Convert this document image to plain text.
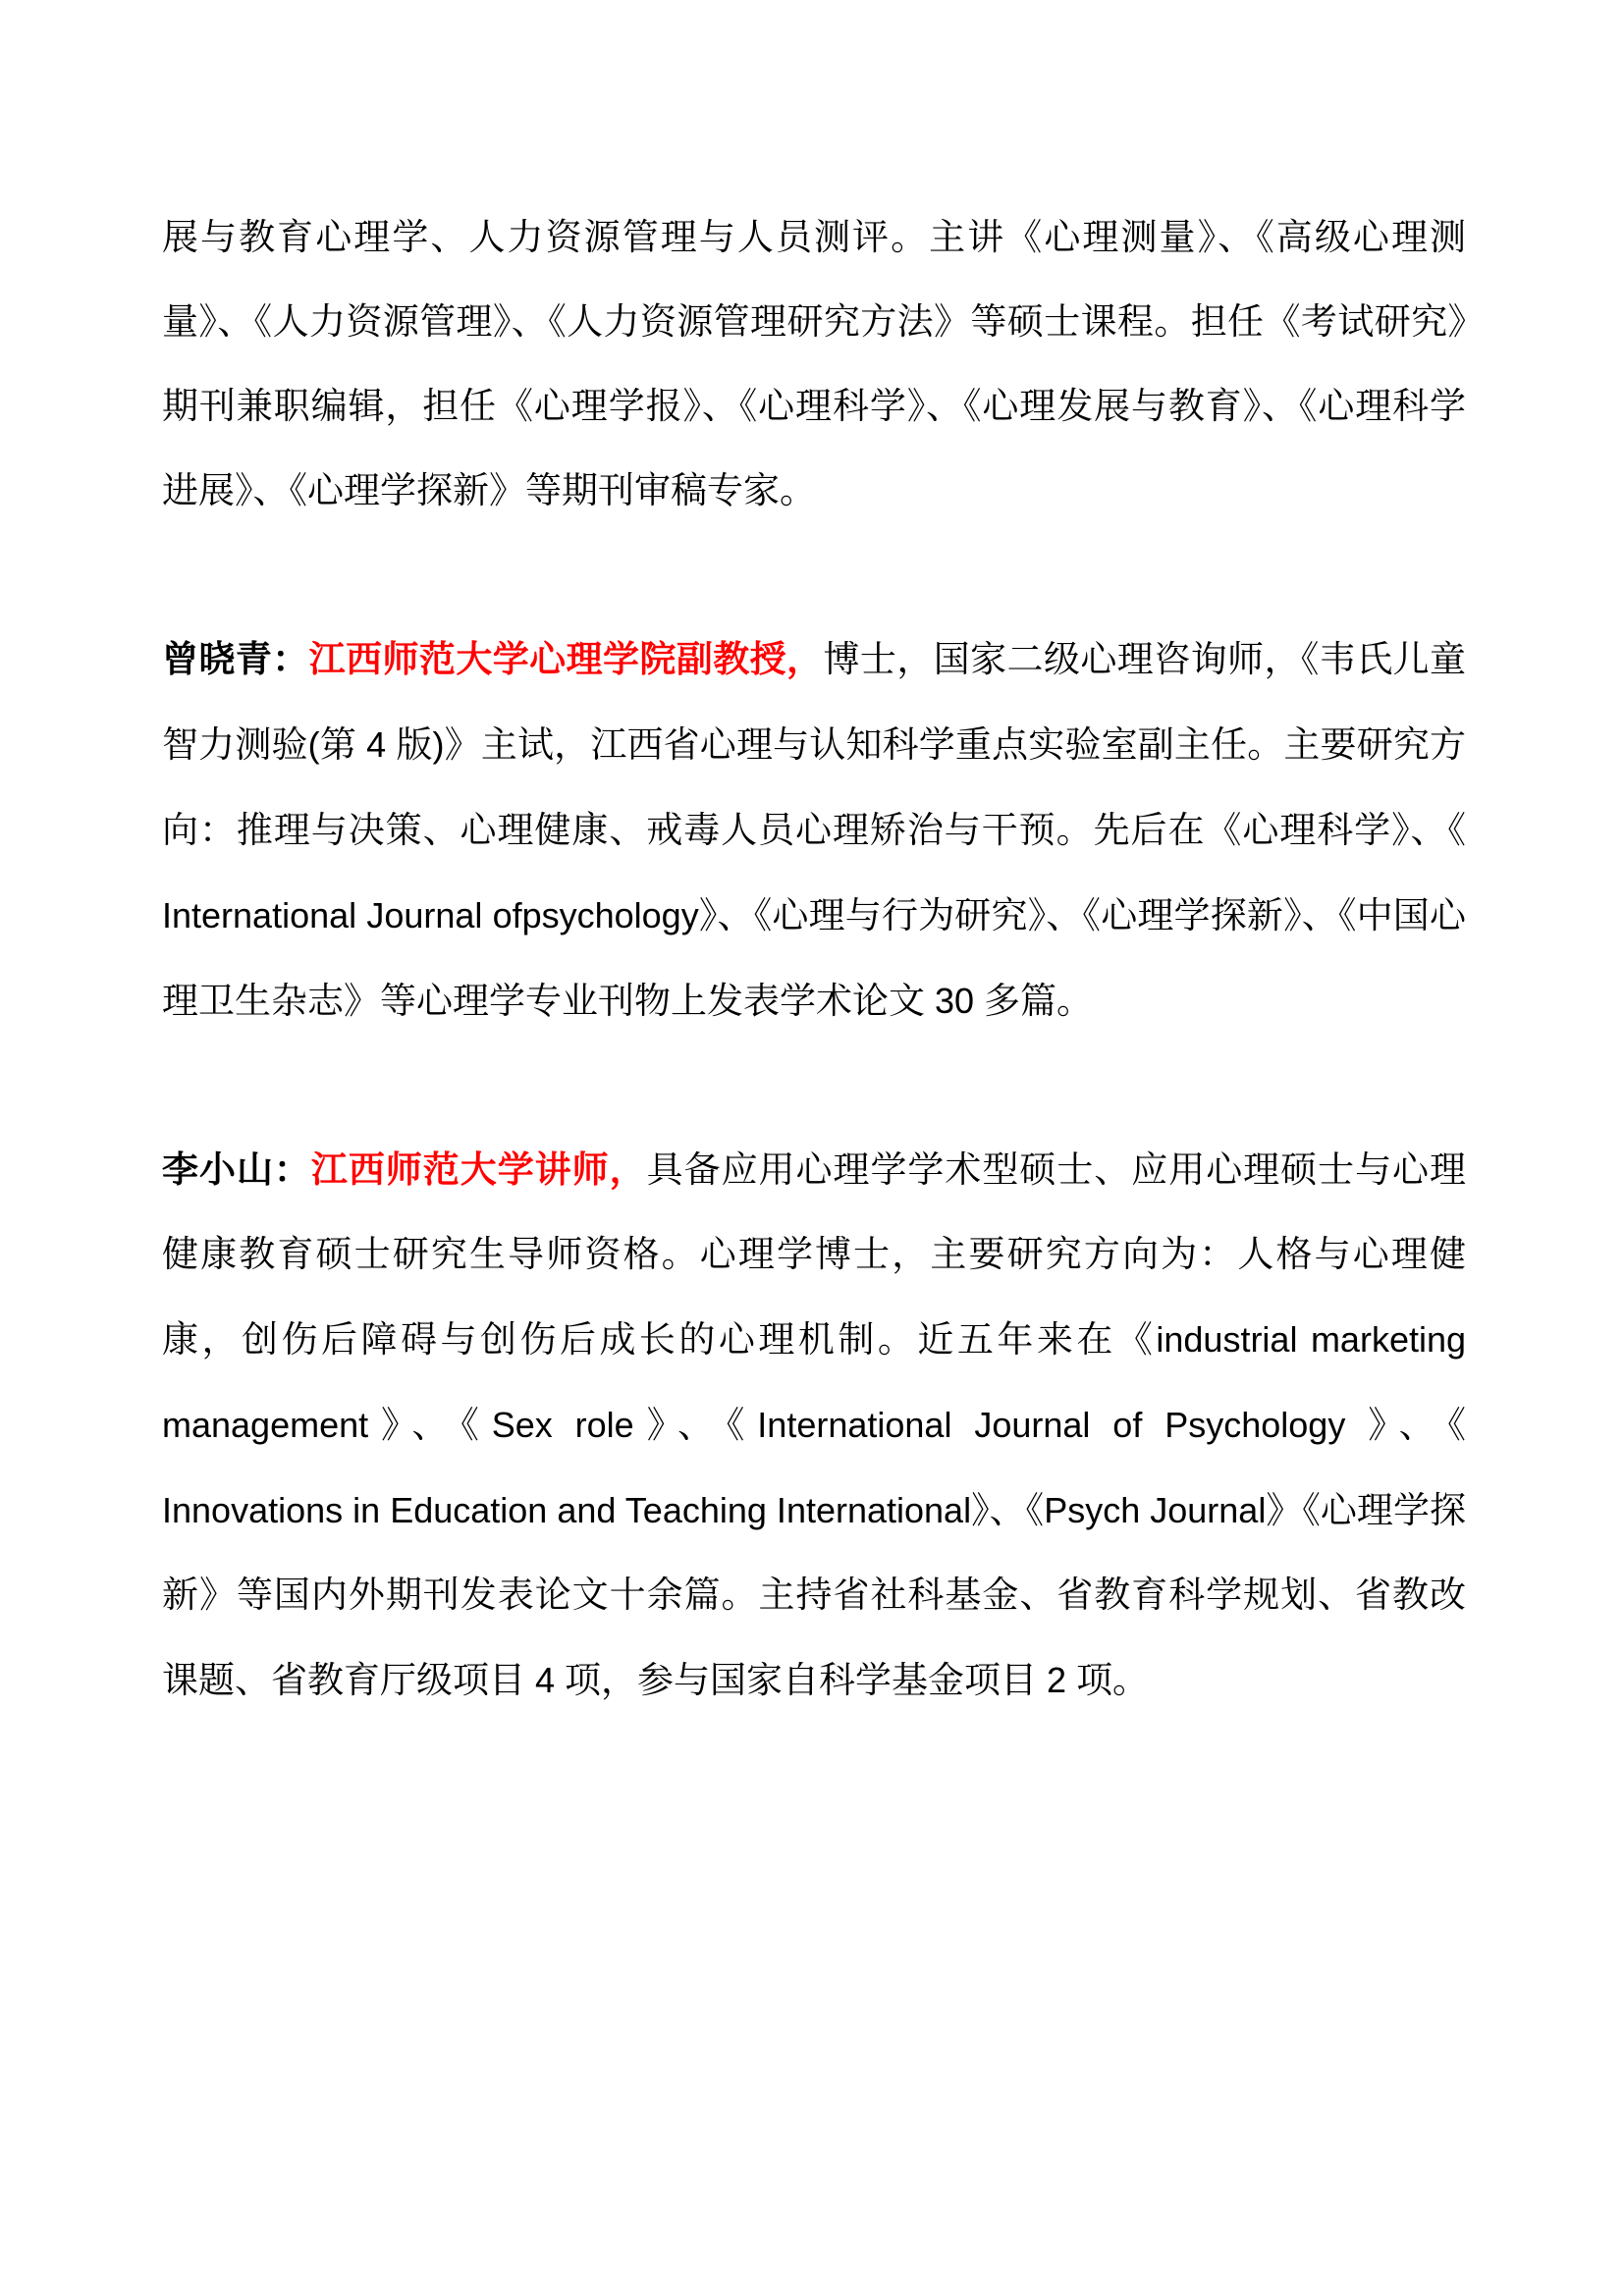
展与教育心理学、人力资源管理与人员测评。主讲《心理测量》、《高级心理测量》、《人力资源管理》、《人力资源管理研究方法》等硕士课程。担任《考试研究》期刊兼职编辑，担任《心理学报》、《心理科学》、《心理发展与教育》、《心理科学进展》、《心理学探新》等期刊审稿专家。

曾晓青：江西师范大学心理学院副教授，博士，国家二级心理咨询师，《韦氏儿童智力测验(第 4 版)》主试，江西省心理与认知科学重点实验室副主任。主要研究方向：推理与决策、心理健康、戒毒人员心理矫治与干预。先后在《心理科学》、《 International Journal ofpsychology》、《心理与行为研究》、《心理学探新》、《中国心理卫生杂志》等心理学专业刊物上发表学术论文 30 多篇。

李小山：江西师范大学讲师，具备应用心理学学术型硕士、应用心理硕士与心理健康教育硕士研究生导师资格。心理学博士，主要研究方向为：人格与心理健康，创伤后障碍与创伤后成长的心理机制。近五年来在《industrial marketing management》、《Sex role》、《International Journal of Psychology 》、《 Innovations in Education and Teaching International》、《Psych Journal》《心理学探新》等国内外期刊发表论文十余篇。主持省社科基金、省教育科学规划、省教改课题、省教育厅级项目 4 项，参与国家自科学基金项目 2 项。
